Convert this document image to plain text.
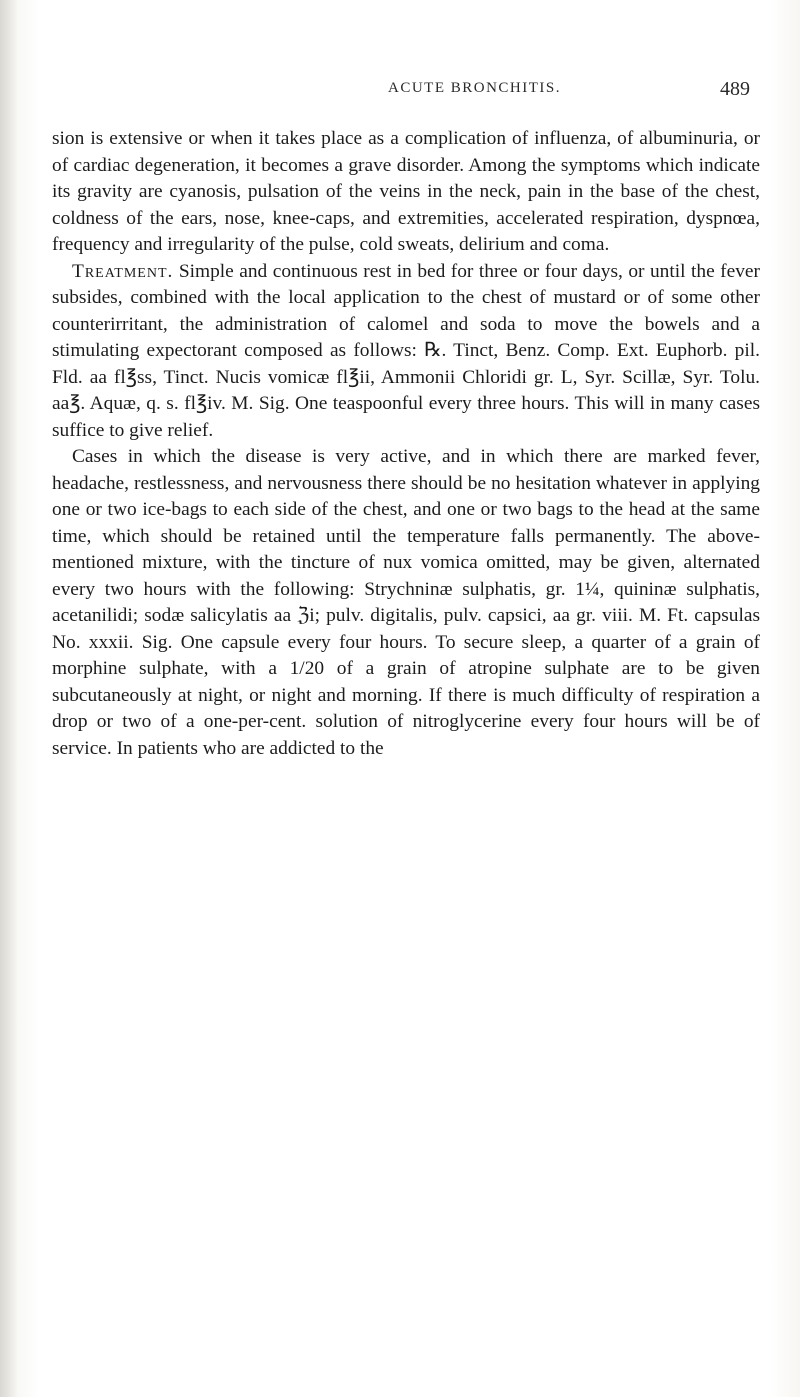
ACUTE BRONCHITIS.	489

sion is extensive or when it takes place as a complication of influenza, of albuminuria, or of cardiac degeneration, it becomes a grave disorder. Among the symptoms which indicate its gravity are cyanosis, pulsation of the veins in the neck, pain in the base of the chest, coldness of the ears, nose, knee-caps, and extremities, accelerated respiration, dyspnœa, frequency and irregularity of the pulse, cold sweats, delirium and coma.

Treatment. Simple and continuous rest in bed for three or four days, or until the fever subsides, combined with the local application to the chest of mustard or of some other counterirritant, the administration of calomel and soda to move the bowels and a stimulating expectorant composed as follows: ℞. Tinct, Benz. Comp. Ext. Euphorb. pil. Fld. aa fl℥ss, Tinct. Nucis vomicæ fl℥ii, Ammonii Chloridi gr. L, Syr. Scillæ, Syr. Tolu. aa℥. Aquæ, q. s. fl℥iv. M. Sig. One teaspoonful every three hours. This will in many cases suffice to give relief.

Cases in which the disease is very active, and in which there are marked fever, headache, restlessness, and nervousness there should be no hesitation whatever in applying one or two ice-bags to each side of the chest, and one or two bags to the head at the same time, which should be retained until the temperature falls permanently. The above-mentioned mixture, with the tincture of nux vomica omitted, may be given, alternated every two hours with the following: Strychninæ sulphatis, gr. 1¼, quininæ sulphatis, acetanilidi; sodæ salicylatis aa ℨi; pulv. digitalis, pulv. capsici, aa gr. viii. M. Ft. capsulas No. xxxii. Sig. One capsule every four hours. To secure sleep, a quarter of a grain of morphine sulphate, with a 1/20 of a grain of atropine sulphate are to be given subcutaneously at night, or night and morning. If there is much difficulty of respiration a drop or two of a one-per-cent. solution of nitroglycerine every four hours will be of service. In patients who are addicted to the
